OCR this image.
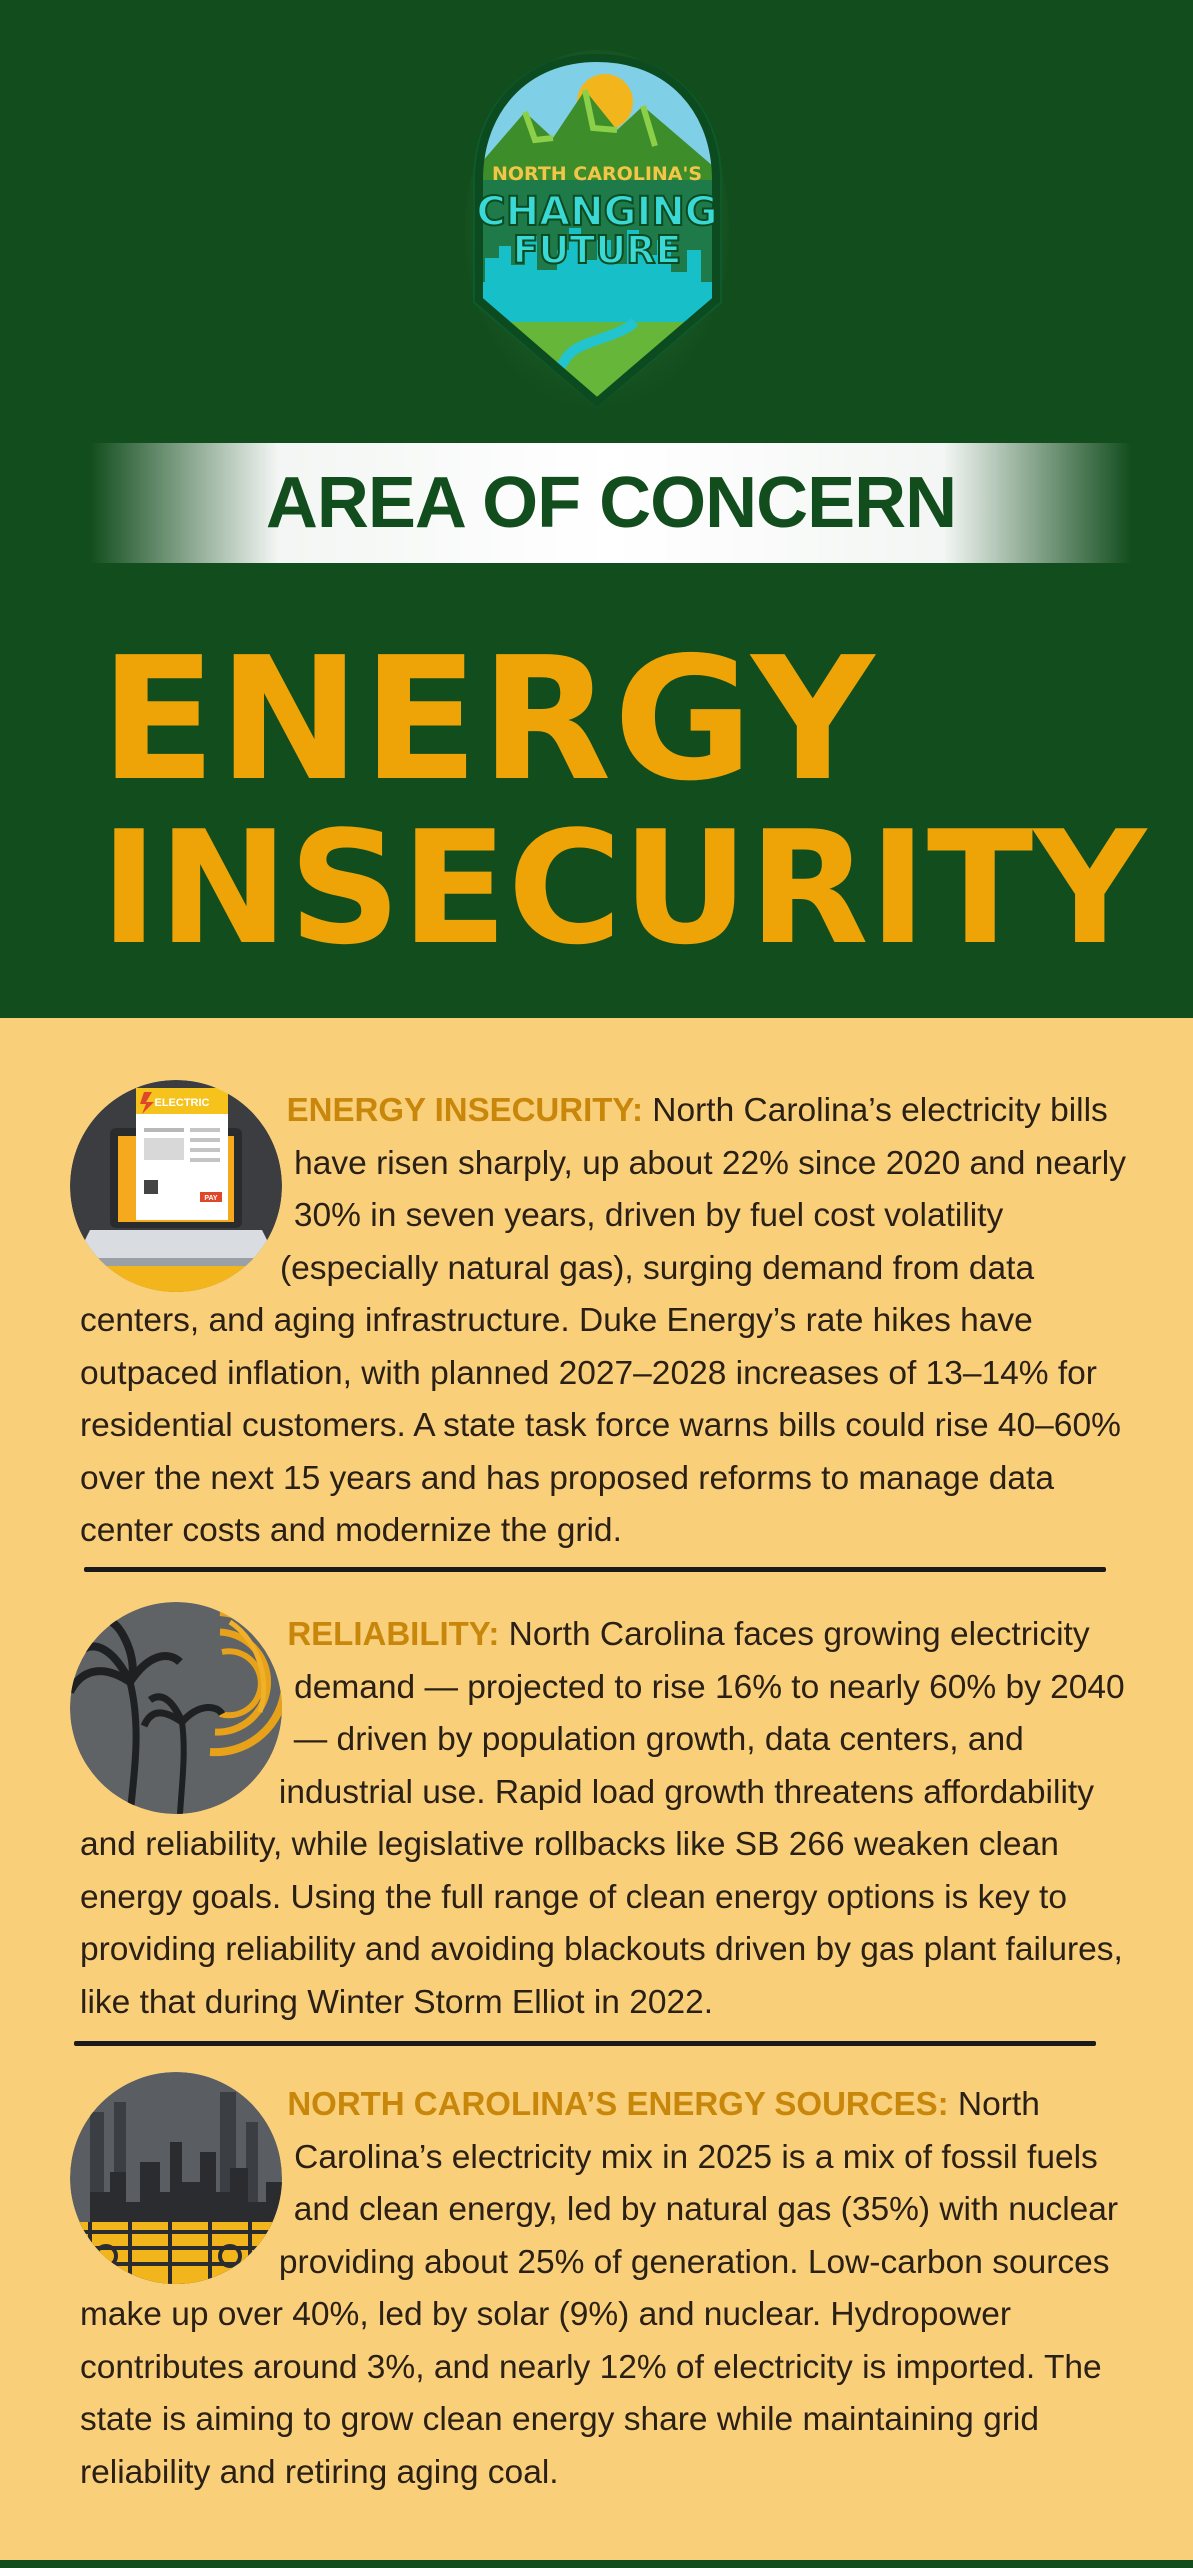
NORTH CAROLINA'S
CHANGING
FUTURE
AREA OF CONCERN
ENERGY
INSECURITY
ELECTRIC
PAY

ENERGY INSECURITY: North Carolina’s electricity bills have risen sharply, up about 22% since 2020 and nearly 30% in seven years, driven by fuel cost volatility (especially natural gas), surging demand from data centers, and aging infrastructure. Duke Energy’s rate hikes have outpaced inflation, with planned 2027–2028 increases of 13–14% for residential customers. A state task force warns bills could rise 40–60% over the next 15 years and has proposed reforms to manage data center costs and modernize the grid.

RELIABILITY: North Carolina faces growing electricity demand — projected to rise 16% to nearly 60% by 2040 — driven by population growth, data centers, and industrial use. Rapid load growth threatens affordability and reliability, while legislative rollbacks like SB 266 weaken clean energy goals. Using the full range of clean energy options is key to providing reliability and avoiding blackouts driven by gas plant failures, like that during Winter Storm Elliot in 2022.

NORTH CAROLINA’S ENERGY SOURCES: North Carolina’s electricity mix in 2025 is a mix of fossil fuels and clean energy, led by natural gas (35%) with nuclear providing about 25% of generation. Low-carbon sources make up over 40%, led by solar (9%) and nuclear. Hydropower contributes around 3%, and nearly 12% of electricity is imported. The state is aiming to grow clean energy share while maintaining grid reliability and retiring aging coal.
